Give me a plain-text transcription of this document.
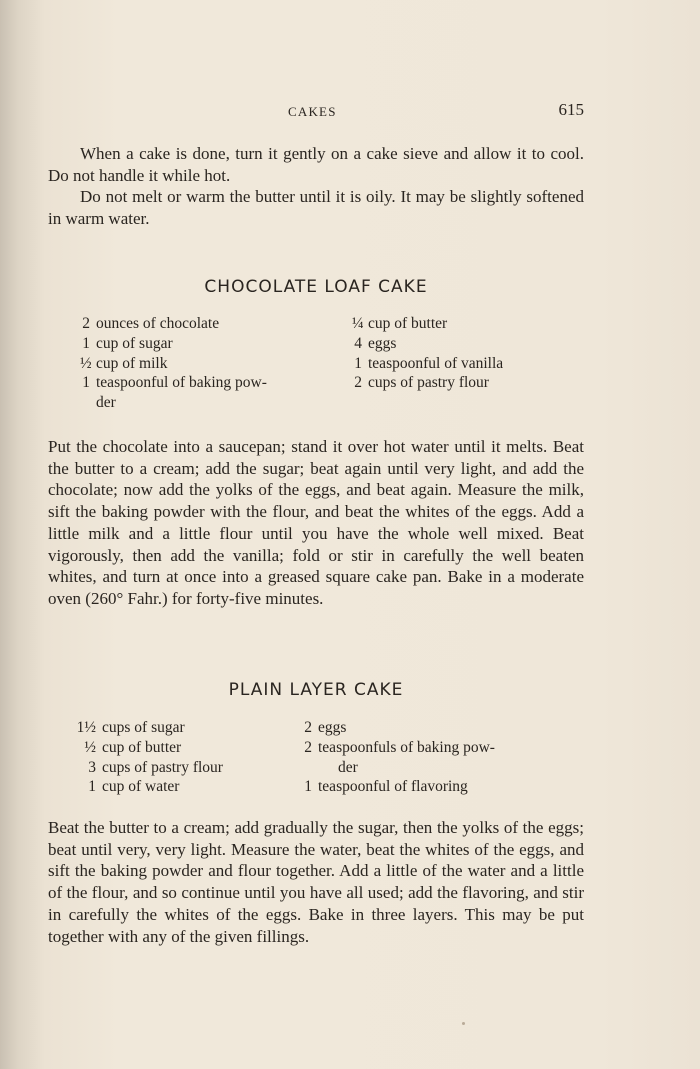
CAKES	615

When a cake is done, turn it gently on a cake sieve and allow it to cool. Do not handle it while hot.

Do not melt or warm the butter until it is oily. It may be slightly softened in warm water.

CHOCOLATE LOAF CAKE
2 ounces of chocolate
1 cup of sugar
½ cup of milk
1 teaspoonful of baking pow-
der
¼ cup of butter
4 eggs
1 teaspoonful of vanilla
2 cups of pastry flour

Put the chocolate into a saucepan; stand it over hot water until it melts. Beat the butter to a cream; add the sugar; beat again until very light, and add the chocolate; now add the yolks of the eggs, and beat again. Measure the milk, sift the baking powder with the flour, and beat the whites of the eggs. Add a little milk and a little flour until you have the whole well mixed. Beat vigorously, then add the vanilla; fold or stir in carefully the well beaten whites, and turn at once into a greased square cake pan. Bake in a moderate oven (260° Fahr.) for forty-five minutes.

PLAIN LAYER CAKE
1½ cups of sugar
½ cup of butter
3 cups of pastry flour
1 cup of water
2 eggs
2 teaspoonfuls of baking pow-
der
1 teaspoonful of flavoring

Beat the butter to a cream; add gradually the sugar, then the yolks of the eggs; beat until very, very light. Measure the water, beat the whites of the eggs, and sift the baking powder and flour together. Add a little of the water and a little of the flour, and so continue until you have all used; add the flavoring, and stir in carefully the whites of the eggs. Bake in three layers. This may be put together with any of the given fillings.
